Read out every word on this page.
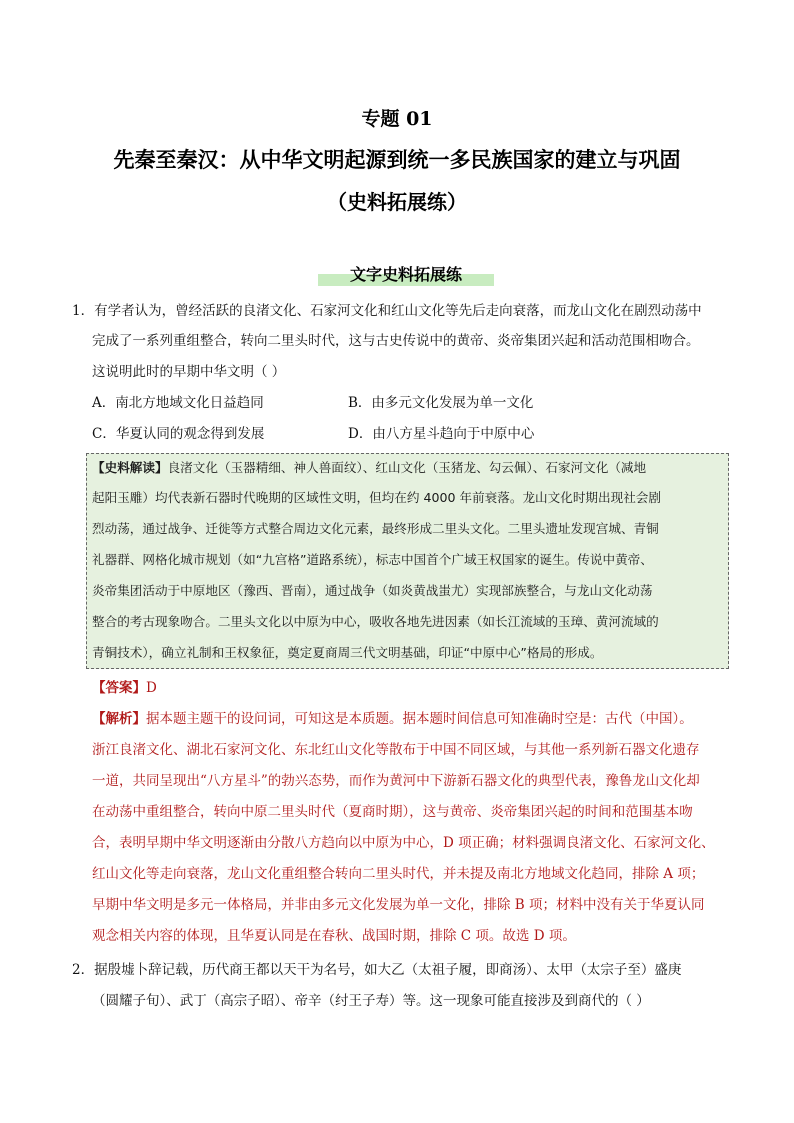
专题 01
先秦至秦汉：从中华文明起源到统一多民族国家的建立与巩固
（史料拓展练）
文字史料拓展练
1．有学者认为，曾经活跃的良渚文化、石家河文化和红山文化等先后走向衰落，而龙山文化在剧烈动荡中
完成了一系列重组整合，转向二里头时代，这与古史传说中的黄帝、炎帝集团兴起和活动范围相吻合。
这说明此时的早期中华文明（ ）
A．南北方地域文化日益趋同	B．由多元文化发展为单一文化
C．华夏认同的观念得到发展	D．由八方星斗趋向于中原中心
【史料解读】良渚文化（玉器精细、神人兽面纹）、红山文化（玉猪龙、勾云佩）、石家河文化（减地
起阳玉雕）均代表新石器时代晚期的区域性文明，但均在约 4000 年前衰落。龙山文化时期出现社会剧
烈动荡，通过战争、迁徙等方式整合周边文化元素，最终形成二里头文化。二里头遗址发现宫城、青铜
礼器群、网格化城市规划（如“九宫格”道路系统），标志中国首个广域王权国家的诞生。传说中黄帝、
炎帝集团活动于中原地区（豫西、晋南），通过战争（如炎黄战蚩尤）实现部族整合，与龙山文化动荡
整合的考古现象吻合。二里头文化以中原为中心，吸收各地先进因素（如长江流域的玉璋、黄河流域的
青铜技术），确立礼制和王权象征，奠定夏商周三代文明基础，印证“中原中心”格局的形成。
【答案】D
【解析】据本题主题干的设问词，可知这是本质题。据本题时间信息可知准确时空是：古代（中国）。
浙江良渚文化、湖北石家河文化、东北红山文化等散布于中国不同区域，与其他一系列新石器文化遗存
一道，共同呈现出“八方星斗”的勃兴态势，而作为黄河中下游新石器文化的典型代表，豫鲁龙山文化却
在动荡中重组整合，转向中原二里头时代（夏商时期），这与黄帝、炎帝集团兴起的时间和范围基本吻
合，表明早期中华文明逐渐由分散八方趋向以中原为中心，D 项正确；材料强调良渚文化、石家河文化、
红山文化等走向衰落，龙山文化重组整合转向二里头时代，并未提及南北方地域文化趋同，排除 A 项；
早期中华文明是多元一体格局，并非由多元文化发展为单一文化，排除 B 项；材料中没有关于华夏认同
观念相关内容的体现，且华夏认同是在春秋、战国时期，排除 C 项。故选 D 项。
2．据殷墟卜辞记载，历代商王都以天干为名号，如大乙（太祖子履，即商汤）、太甲（太宗子至）盛庚
（圆耀子旬）、武丁（高宗子昭）、帝辛（纣王子寿）等。这一现象可能直接涉及到商代的（ ）
